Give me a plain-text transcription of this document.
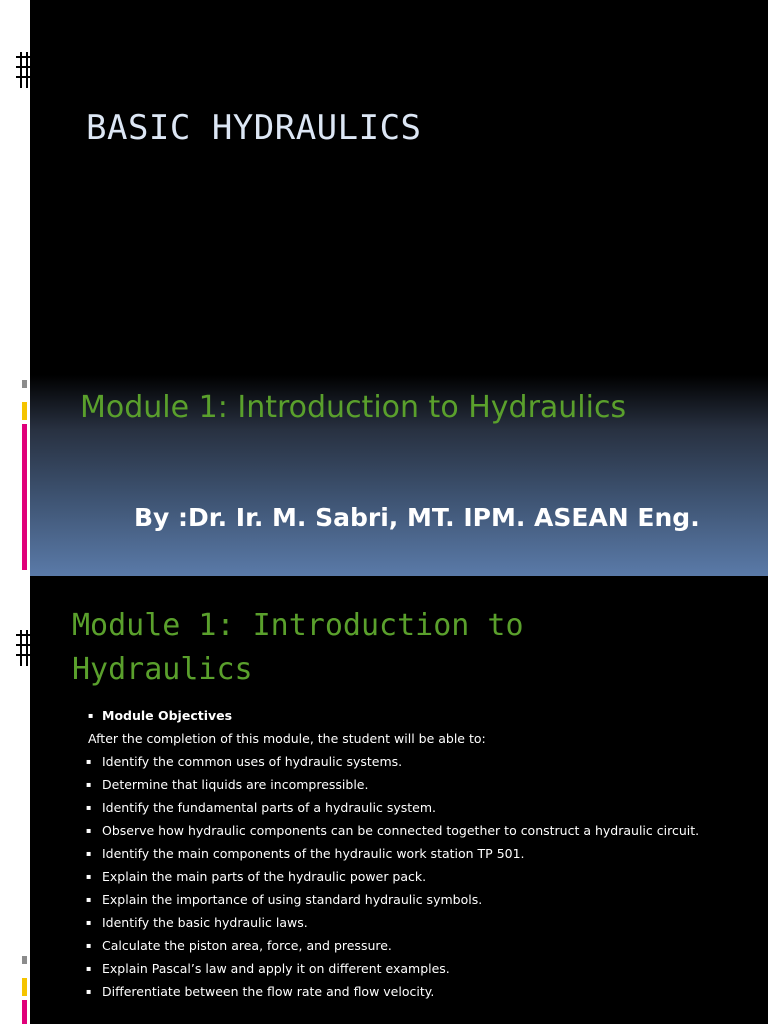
BASIC HYDRAULICS
Module 1: Introduction to Hydraulics
By :Dr. Ir. M. Sabri, MT. IPM. ASEAN Eng.
Module 1: Introduction to
Hydraulics
▪ Module Objectives
After the completion of this module, the student will be able to:
▪ Identify the common uses of hydraulic systems.
▪ Determine that liquids are incompressible.
▪ Identify the fundamental parts of a hydraulic system.
▪ Observe how hydraulic components can be connected together to construct a hydraulic circuit.
▪ Identify the main components of the hydraulic work station TP 501.
▪ Explain the main parts of the hydraulic power pack.
▪ Explain the importance of using standard hydraulic symbols.
▪ Identify the basic hydraulic laws.
▪ Calculate the piston area, force, and pressure.
▪ Explain Pascal’s law and apply it on different examples.
▪ Differentiate between the flow rate and flow velocity.
